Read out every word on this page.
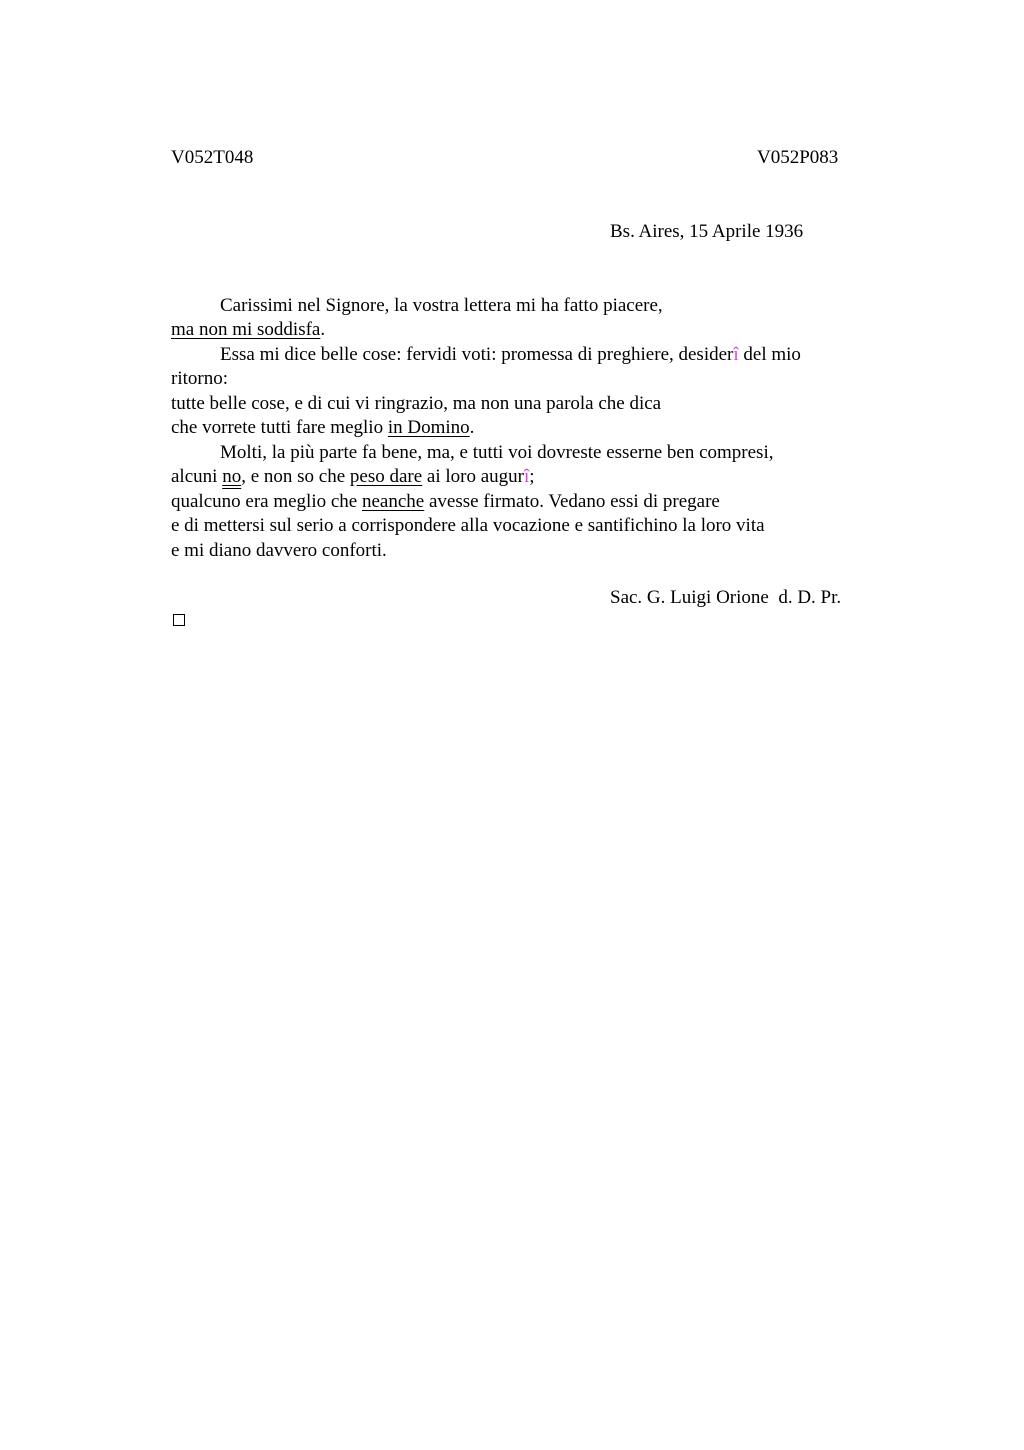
V052T048	V052P083
Bs. Aires, 15 Aprile 1936
Carissimi nel Signore, la vostra lettera mi ha fatto piacere,
ma non mi soddisfa.
Essa mi dice belle cose: fervidi voti: promessa di preghiere, desiderî del mio
ritorno:
tutte belle cose, e di cui vi ringrazio, ma non una parola che dica
che vorrete tutti fare meglio in Domino.
Molti, la più parte fa bene, ma, e tutti voi dovreste esserne ben compresi,
alcuni no, e non so che peso dare ai loro augurî;
qualcuno era meglio che neanche avesse firmato. Vedano essi di pregare
e di mettersi sul serio a corrispondere alla vocazione e santifichino la loro vita
e mi diano davvero conforti.
Sac. G. Luigi Orione  d. D. Pr.
